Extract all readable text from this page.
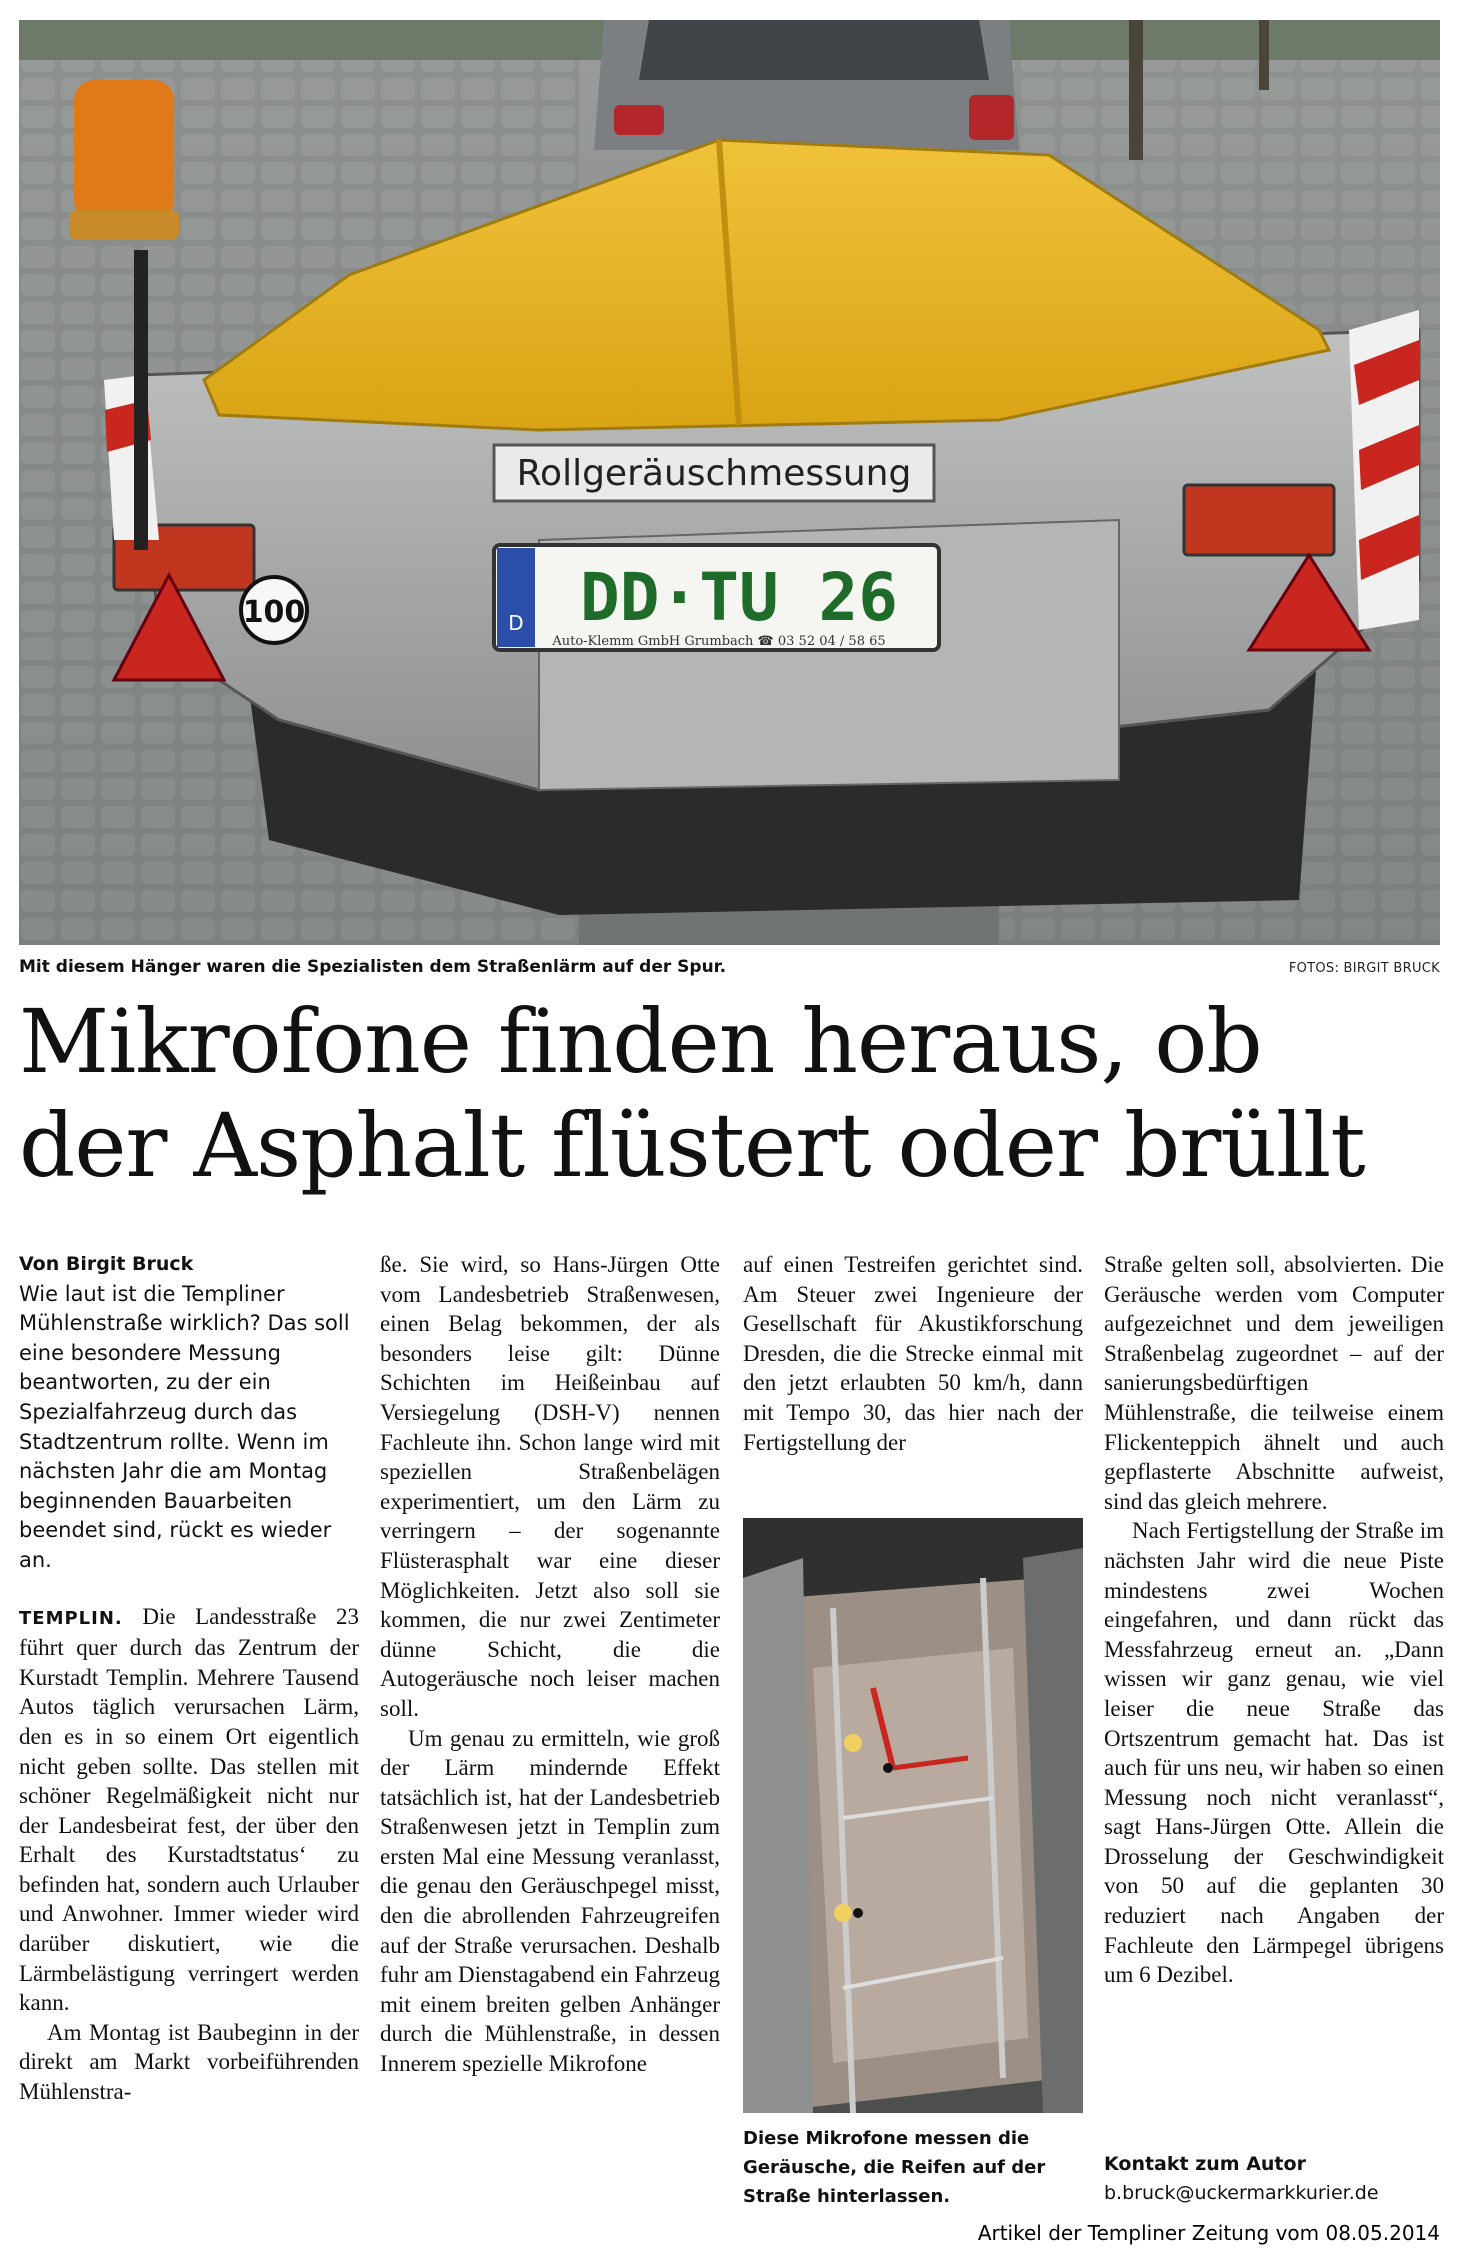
Rollgeräuschmessung
D DD·TU 26
Auto-Klemm GmbH Grumbach ☎ 03 52 04 / 58 65
100
Mit diesem Hänger waren die Spezialisten dem Straßenlärm auf der Spur.	FOTOS: BIRGIT BRUCK
Mikrofone finden heraus, ob
der Asphalt flüstert oder brüllt

Von Birgit Bruck

Wie laut ist die Templiner Mühlenstraße wirklich? Das soll eine besondere Messung beantworten, zu der ein Spezialfahrzeug durch das Stadtzentrum rollte. Wenn im nächsten Jahr die am Montag beginnenden Bauarbeiten beendet sind, rückt es wieder an.

TEMPLIN. Die Landesstraße 23 führt quer durch das Zentrum der Kurstadt Templin. Mehrere Tausend Autos täglich verursachen Lärm, den es in so einem Ort eigentlich nicht geben sollte. Das stellen mit schöner Regelmäßigkeit nicht nur der Landesbeirat fest, der über den Erhalt des Kurstadtstatus‘ zu befinden hat, sondern auch Urlauber und Anwohner. Immer wieder wird darüber diskutiert, wie die Lärmbelästigung verringert werden kann.

Am Montag ist Baubeginn in der direkt am Markt vorbeiführenden Mühlenstra-

ße. Sie wird, so Hans-Jürgen Otte vom Landesbetrieb Straßenwesen, einen Belag bekommen, der als besonders leise gilt: Dünne Schichten im Heißeinbau auf Versiegelung (DSH-V) nennen Fachleute ihn. Schon lange wird mit speziellen Straßenbelägen experimentiert, um den Lärm zu verringern – der sogenannte Flüsterasphalt war eine dieser Möglichkeiten. Jetzt also soll sie kommen, die nur zwei Zentimeter dünne Schicht, die die Autogeräusche noch leiser machen soll.

Um genau zu ermitteln, wie groß der Lärm mindernde Effekt tatsächlich ist, hat der Landesbetrieb Straßenwesen jetzt in Templin zum ersten Mal eine Messung veranlasst, die genau den Geräuschpegel misst, den die abrollenden Fahrzeugreifen auf der Straße verursachen. Deshalb fuhr am Dienstagabend ein Fahrzeug mit einem breiten gelben Anhänger durch die Mühlenstraße, in dessen Innerem spezielle Mikrofone

auf einen Testreifen gerichtet sind. Am Steuer zwei Ingenieure der Gesellschaft für Akustikforschung Dresden, die die Strecke einmal mit den jetzt erlaubten 50 km/h, dann mit Tempo 30, das hier nach der Fertigstellung der

Diese Mikrofone messen die Geräusche, die Reifen auf der Straße hinterlassen.

Straße gelten soll, absolvierten. Die Geräusche werden vom Computer aufgezeichnet und dem jeweiligen Straßenbelag zugeordnet – auf der sanierungsbedürftigen Mühlenstraße, die teilweise einem Flickenteppich ähnelt und auch gepflasterte Abschnitte aufweist, sind das gleich mehrere.

Nach Fertigstellung der Straße im nächsten Jahr wird die neue Piste mindestens zwei Wochen eingefahren, und dann rückt das Messfahrzeug erneut an. „Dann wissen wir ganz genau, wie viel leiser die neue Straße das Ortszentrum gemacht hat. Das ist auch für uns neu, wir haben so einen Messung noch nicht veranlasst“, sagt Hans-Jürgen Otte. Allein die Drosselung der Geschwindigkeit von 50 auf die geplanten 30 reduziert nach Angaben der Fachleute den Lärmpegel übrigens um 6 Dezibel.

Kontakt zum Autor
b.bruck@uckermarkkurier.de
Artikel der Templiner Zeitung vom 08.05.2014
